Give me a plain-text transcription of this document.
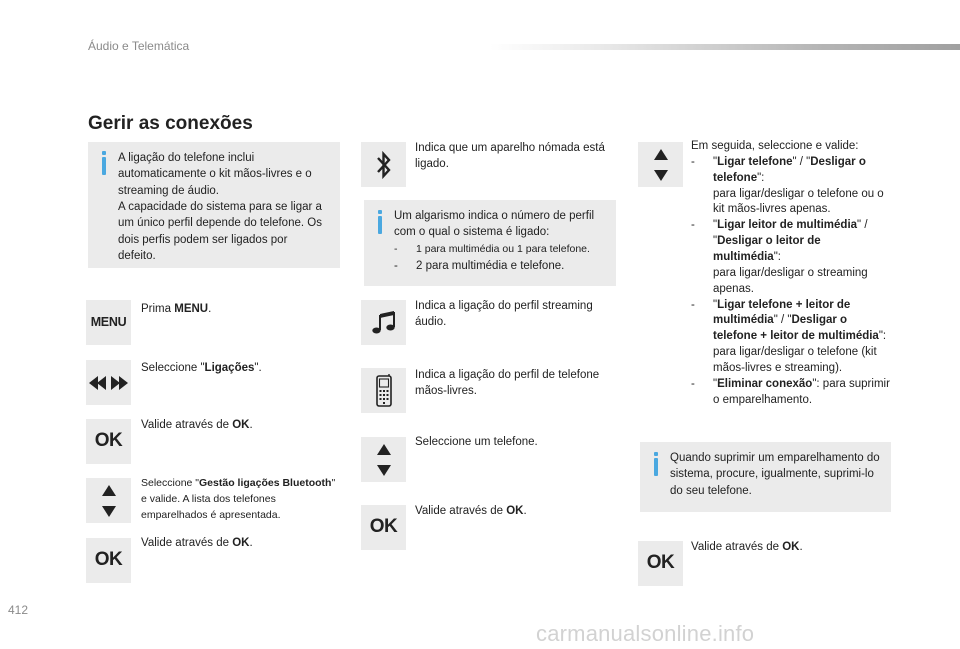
Áudio e Telemática
412
carmanualsonline.info
Gerir as conexões
A ligação do telefone inclui automaticamente o kit mãos-livres e o streaming de áudio.
A capacidade do sistema para se ligar a um único perfil depende do telefone. Os dois perfis podem ser ligados por defeito.
MENU
Prima MENU.
Seleccione "Ligações".
OK
Valide através de OK.
Seleccione "Gestão ligações Bluetooth" e valide. A lista dos telefones emparelhados é apresentada.
OK
Valide através de OK.
Indica que um aparelho nómada está ligado.
Um algarismo indica o número de perfil com o qual o sistema é ligado:
-	1 para multimédia ou 1 para telefone.
-	2 para multimédia e telefone.
Indica a ligação do perfil streaming áudio.
Indica a ligação do perfil de telefone mãos-livres.
Seleccione um telefone.
OK
Valide através de OK.
Em seguida, seleccione e valide:
-	"Ligar telefone" / "Desligar o telefone":
para ligar/desligar o telefone ou o kit mãos-livres apenas.
-	"Ligar leitor de multimédia" / "Desligar o leitor de multimédia":
para ligar/desligar o streaming apenas.
-	"Ligar telefone + leitor de multimédia" / "Desligar o telefone + leitor de multimédia":
para ligar/desligar o telefone (kit mãos-livres e streaming).
-	"Eliminar conexão": para suprimir o emparelhamento.
Quando suprimir um emparelhamento do sistema, procure, igualmente, suprimi-lo do seu telefone.
OK
Valide através de OK.
